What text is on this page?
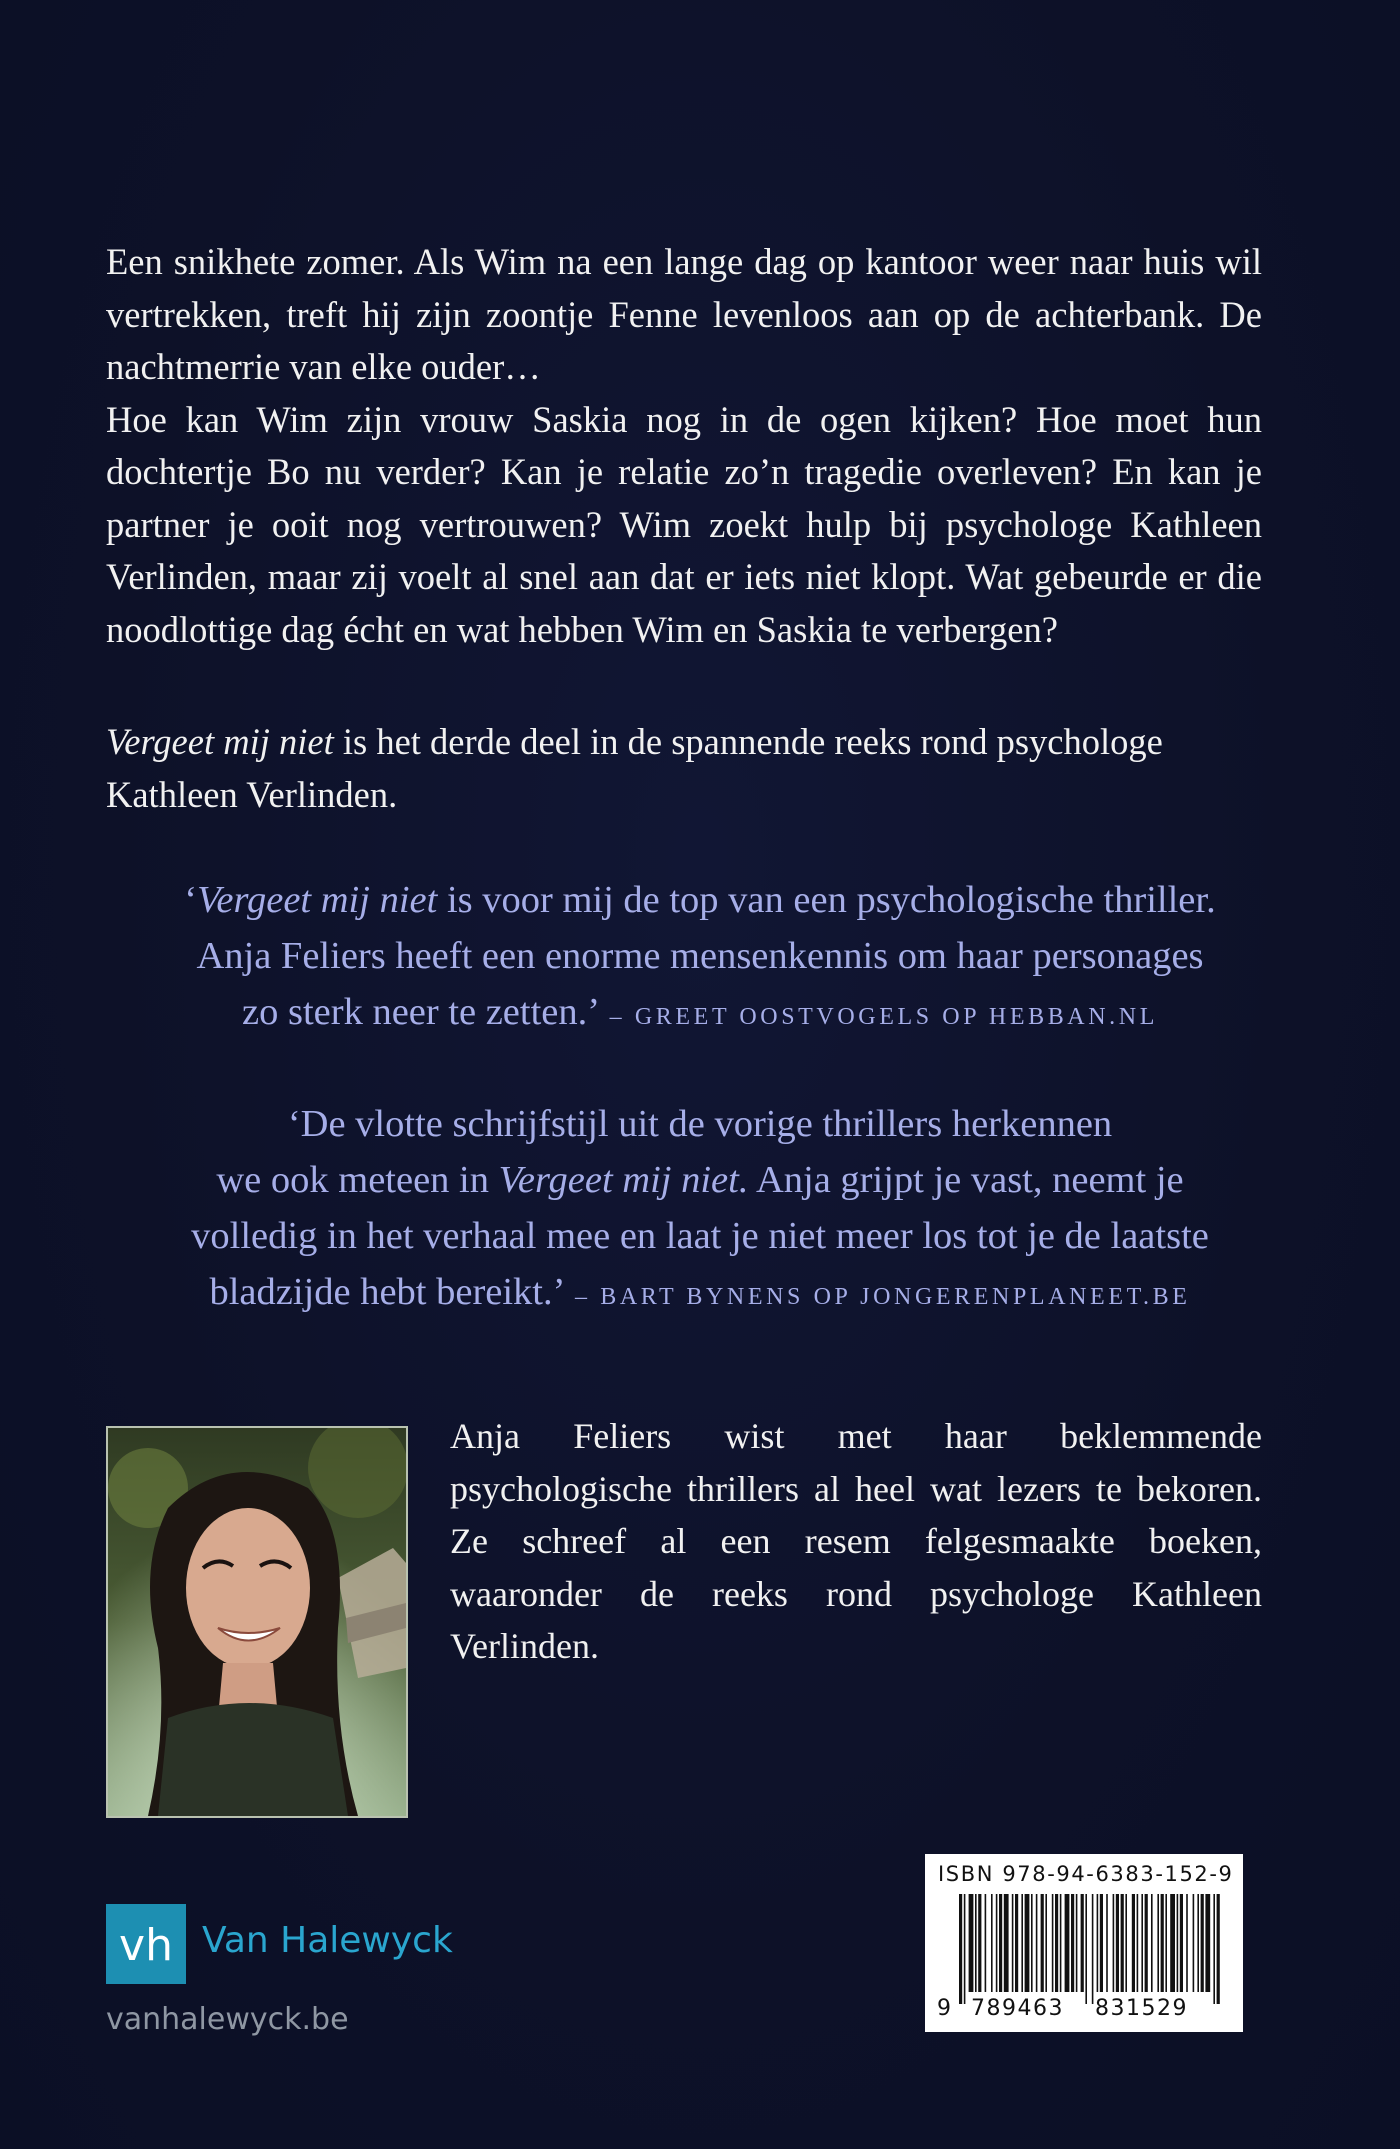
Een snikhete zomer. Als Wim na een lange dag op kantoor weer naar huis wil vertrekken, treft hij zijn zoontje Fenne levenloos aan op de achterbank. De nachtmerrie van elke ouder…

Hoe kan Wim zijn vrouw Saskia nog in de ogen kijken? Hoe moet hun dochtertje Bo nu verder? Kan je relatie zo’n tragedie overleven? En kan je partner je ooit nog vertrouwen? Wim zoekt hulp bij psychologe Kathleen Verlinden, maar zij voelt al snel aan dat er iets niet klopt. Wat gebeurde er die noodlottige dag écht en wat hebben Wim en Saskia te verbergen?

Vergeet mij niet is het derde deel in de spannende reeks rond psychologe Kathleen Verlinden.

‘Vergeet mij niet is voor mij de top van een psychologische thriller.

Anja Feliers heeft een enorme mensenkennis om haar personages

zo sterk neer te zetten.’ – GREET OOSTVOGELS OP HEBBAN.NL

‘De vlotte schrijfstijl uit de vorige thrillers herkennen

we ook meteen in Vergeet mij niet. Anja grijpt je vast, neemt je

volledig in het verhaal mee en laat je niet meer los tot je de laatste

bladzijde hebt bereikt.’ – BART BYNENS OP JONGERENPLANEET.BE

Anja Feliers wist met haar beklemmende psychologische thrillers al heel wat lezers te bekoren. Ze schreef al een resem felgesmaakte boeken, waaronder de reeks rond psychologe Kathleen Verlinden.

vh Van Halewyck
vanhalewyck.be
ISBN 978-94-6383-152-9
9 789463 831529
